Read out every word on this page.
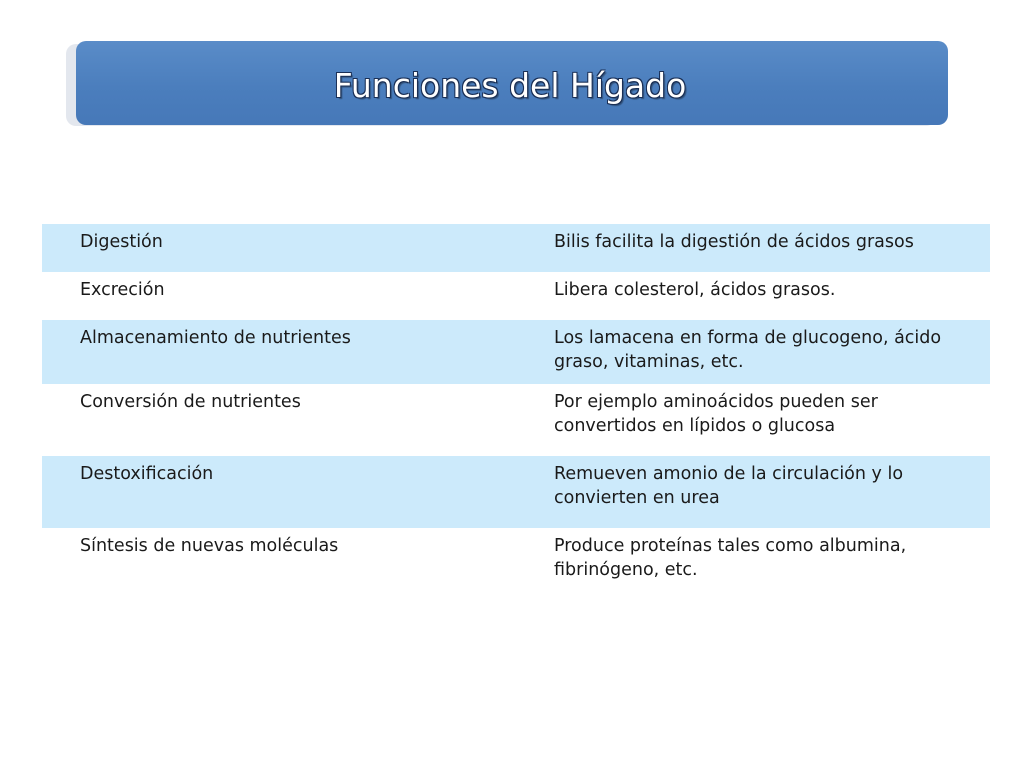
Funciones del Hígado
Digestión	Bilis facilita la digestión de ácidos grasos
Excreción	Libera colesterol, ácidos grasos.
Almacenamiento de nutrientes	Los lamacena en forma de glucogeno, ácido graso, vitaminas, etc.
Conversión de nutrientes	Por ejemplo aminoácidos pueden ser convertidos en lípidos o glucosa
Destoxificación	Remueven amonio de la circulación y lo convierten en urea
Síntesis de nuevas moléculas	Produce proteínas tales como albumina, fibrinógeno, etc.
